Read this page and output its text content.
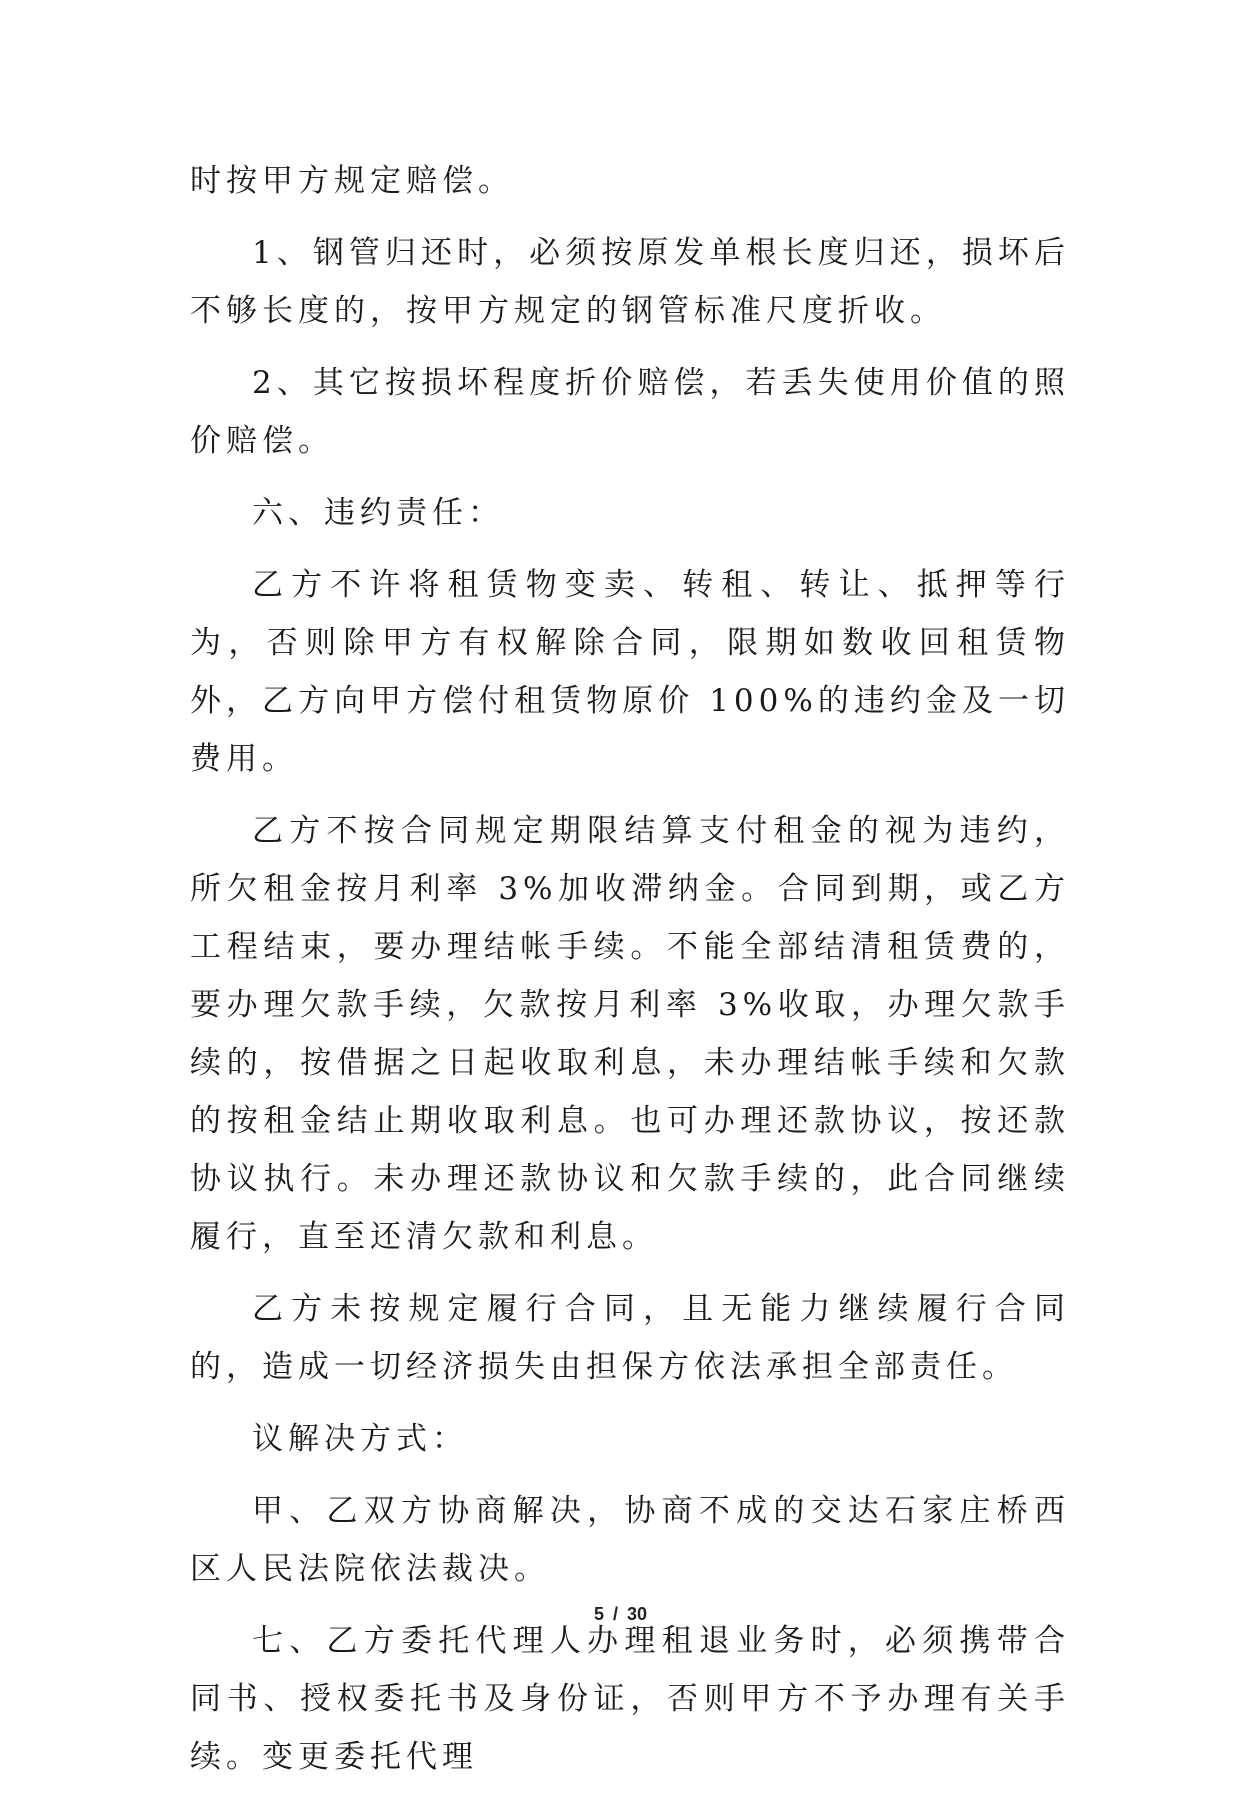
时按甲方规定赔偿。

1、钢管归还时，必须按原发单根长度归还，损坏后不够长度的，按甲方规定的钢管标准尺度折收。

2、其它按损坏程度折价赔偿，若丢失使用价值的照价赔偿。

六、违约责任：

乙方不许将租赁物变卖、转租、转让、抵押等行为，否则除甲方有权解除合同，限期如数收回租赁物外，乙方向甲方偿付租赁物原价 100%的违约金及一切费用。

乙方不按合同规定期限结算支付租金的视为违约，所欠租金按月利率 3%加收滞纳金。合同到期，或乙方工程结束，要办理结帐手续。不能全部结清租赁费的，要办理欠款手续，欠款按月利率 3%收取，办理欠款手续的，按借据之日起收取利息，未办理结帐手续和欠款的按租金结止期收取利息。也可办理还款协议，按还款协议执行。未办理还款协议和欠款手续的，此合同继续履行，直至还清欠款和利息。

乙方未按规定履行合同，且无能力继续履行合同的，造成一切经济损失由担保方依法承担全部责任。

议解决方式：

甲、乙双方协商解决，协商不成的交达石家庄桥西区人民法院依法裁决。

七、乙方委托代理人办理租退业务时，必须携带合同书、授权委托书及身份证，否则甲方不予办理有关手续。变更委托代理

5 / 30
